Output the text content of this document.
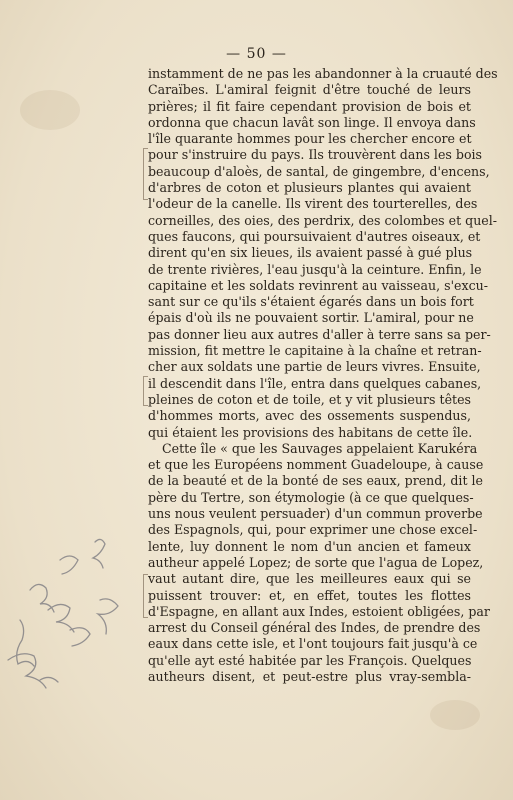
— 50 —

instamment de ne pas les abandonner à la cruauté des
Caraïbes. L'amiral feignit d'être touché de leurs
prières; il fit faire cependant provision de bois et
ordonna que chacun lavât son linge. Il envoya dans
l'île quarante hommes pour les chercher encore et
pour s'instruire du pays. Ils trouvèrent dans les bois
beaucoup d'aloès, de santal, de gingembre, d'encens,
d'arbres de coton et plusieurs plantes qui avaient
l'odeur de la canelle. Ils virent des tourterelles, des
corneilles, des oies, des perdrix, des colombes et quel-
ques faucons, qui poursuivaient d'autres oiseaux, et
dirent qu'en six lieues, ils avaient passé à gué plus
de trente rivières, l'eau jusqu'à la ceinture. Enfin, le
capitaine et les soldats revinrent au vaisseau, s'excu-
sant sur ce qu'ils s'étaient égarés dans un bois fort
épais d'où ils ne pouvaient sortir. L'amiral, pour ne
pas donner lieu aux autres d'aller à terre sans sa per-
mission, fit mettre le capitaine à la chaîne et retran-
cher aux soldats une partie de leurs vivres. Ensuite,
il descendit dans l'île, entra dans quelques cabanes,
pleines de coton et de toile, et y vit plusieurs têtes
d'hommes morts, avec des ossements suspendus,
qui étaient les provisions des habitans de cette île.

Cette île « que les Sauvages appelaient Karukéra
et que les Européens nomment Guadeloupe, à cause
de la beauté et de la bonté de ses eaux, prend, dit le
père du Tertre, son étymologie (à ce que quelques-
uns nous veulent persuader) d'un commun proverbe
des Espagnols, qui, pour exprimer une chose excel-
lente, luy donnent le nom d'un ancien et fameux
autheur appelé Lopez; de sorte que l'agua de Lopez,
vaut autant dire, que les meilleures eaux qui se
puissent trouver: et, en effet, toutes les flottes
d'Espagne, en allant aux Indes, estoient obligées, par
arrest du Conseil général des Indes, de prendre des
eaux dans cette isle, et l'ont toujours fait jusqu'à ce
qu'elle ayt esté habitée par les François. Quelques
autheurs disent, et peut-estre plus vray-sembla-
